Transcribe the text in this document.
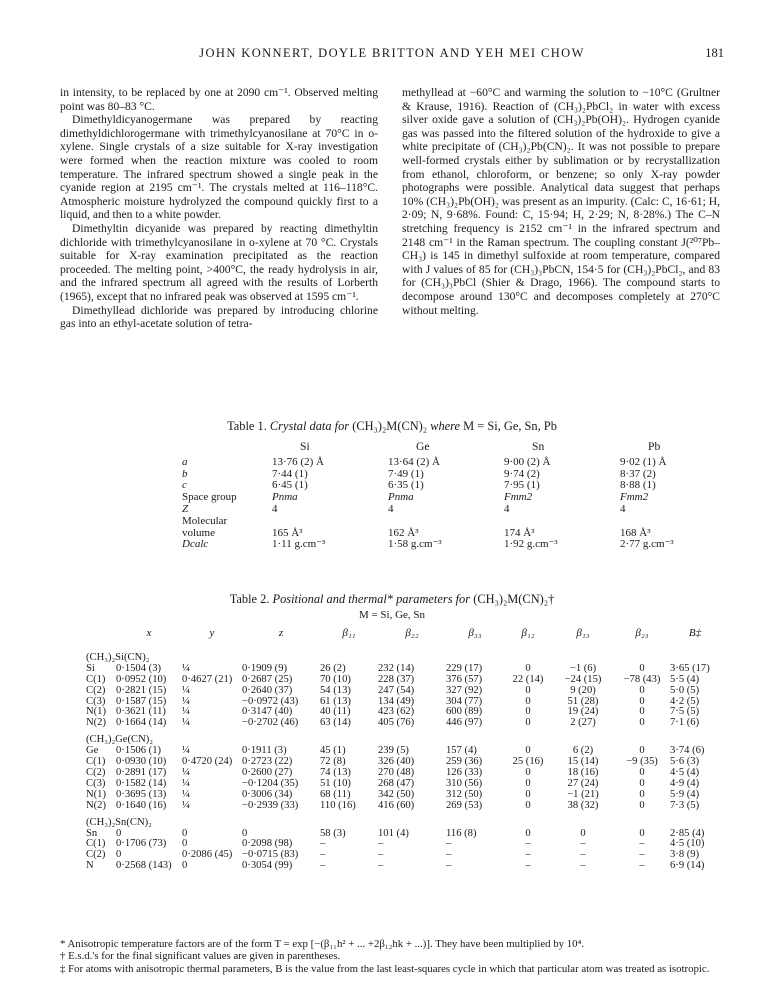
JOHN KONNERT, DOYLE BRITTON AND YEH MEI CHOW	181

in intensity, to be replaced by one at 2090 cm⁻¹. Observed melting point was 80–83 °C.

Dimethyldicyanogermane was prepared by reacting dimethyldichlorogermane with trimethylcyanosilane at 70°C in o-xylene. Single crystals of a size suitable for X-ray investigation were formed when the reaction mixture was cooled to room temperature. The infrared spectrum showed a single peak in the cyanide region at 2195 cm⁻¹. The crystals melted at 116–118°C. Atmospheric moisture hydrolyzed the compound quickly first to a liquid, and then to a white powder.

Dimethyltin dicyanide was prepared by reacting dimethyltin dichloride with trimethylcyanosilane in o-xylene at 70 °C. Crystals suitable for X-ray examination precipitated as the reaction proceeded. The melting point, >400°C, the ready hydrolysis in air, and the infrared spectrum all agreed with the results of Lorberth (1965), except that no infrared peak was observed at 1595 cm⁻¹.

Dimethyllead dichloride was prepared by introducing chlorine gas into an ethyl-acetate solution of tetra-

methyllead at −60°C and warming the solution to −10°C (Grultner & Krause, 1916). Reaction of (CH₃)₂PbCl₂ in water with excess silver oxide gave a solution of (CH₃)₂Pb(OH)₂. Hydrogen cyanide gas was passed into the filtered solution of the hydroxide to give a white precipitate of (CH₃)₂Pb(CN)₂. It was not possible to prepare well-formed crystals either by sublimation or by recrystallization from ethanol, chloroform, or benzene; so only X-ray powder photographs were possible. Analytical data suggest that perhaps 10% (CH₃)₂Pb(OH)₂ was present as an impurity. (Calc: C, 16·61; H, 2·09; N, 9·68%. Found: C, 15·94; H, 2·29; N, 8·28%.) The C–N stretching frequency is 2152 cm⁻¹ in the infrared spectrum and 2148 cm⁻¹ in the Raman spectrum. The coupling constant J(²⁰⁷Pb–CH₃) is 145 in dimethyl sulfoxide at room temperature, compared with J values of 85 for (CH₃)₃PbCN, 154·5 for (CH₃)₂PbCl₂, and 83 for (CH₃)₃PbCl (Shier & Drago, 1966). The compound starts to decompose around 130°C and decomposes completely at 270°C without melting.

Table 1. Crystal data for (CH₃)₂M(CN)₂ where M = Si, Ge, Sn, Pb
	Si	Ge	Sn	Pb
a	13·76 (2) Å	13·64 (2) Å	9·00 (2) Å	9·02 (1) Å
b	7·44 (1)	7·49 (1)	9·74 (2)	8·37 (2)
c	6·45 (1)	6·35 (1)	7·95 (1)	8·88 (1)
Space group	Pnma	Pnma	Fmm2	Fmm2
Z	4	4	4	4
Molecular				
volume	165 Å³	162 Å³	174 Å³	168 Å³
Dcalc	1·11 g.cm⁻³	1·58 g.cm⁻³	1·92 g.cm⁻³	2·77 g.cm⁻³
Table 2. Positional and thermal* parameters for (CH₃)₂M(CN)₂†
M = Si, Ge, Sn
	x	y	z	β₁₁	β₂₂	β₃₃	β₁₂	β₁₃	β₂₃	B‡
(CH₃)₂Si(CN)₂										
Si	0·1504 (3)	¼	0·1909 (9)	26 (2)	232 (14)	229 (17)	0	−1 (6)	0	3·65 (17)
C(1)	0·0952 (10)	0·4627 (21)	0·2687 (25)	70 (10)	228 (37)	376 (57)	22 (14)	−24 (15)	−78 (43)	5·5 (4)
C(2)	0·2821 (15)	¼	0·2640 (37)	54 (13)	247 (54)	327 (92)	0	9 (20)	0	5·0 (5)
C(3)	0·1587 (15)	¼	−0·0972 (43)	61 (13)	134 (49)	304 (77)	0	51 (28)	0	4·2 (5)
N(1)	0·3621 (11)	¼	0·3147 (40)	40 (11)	423 (62)	600 (89)	0	19 (24)	0	7·5 (5)
N(2)	0·1664 (14)	¼	−0·2702 (46)	63 (14)	405 (76)	446 (97)	0	2 (27)	0	7·1 (6)
(CH₃)₂Ge(CN)₂										
Ge	0·1506 (1)	¼	0·1911 (3)	45 (1)	239 (5)	157 (4)	0	6 (2)	0	3·74 (6)
C(1)	0·0930 (10)	0·4720 (24)	0·2723 (22)	72 (8)	326 (40)	259 (36)	25 (16)	15 (14)	−9 (35)	5·6 (3)
C(2)	0·2891 (17)	¼	0·2600 (27)	74 (13)	270 (48)	126 (33)	0	18 (16)	0	4·5 (4)
C(3)	0·1582 (14)	¼	−0·1204 (35)	51 (10)	268 (47)	310 (56)	0	27 (24)	0	4·9 (4)
N(1)	0·3695 (13)	¼	0·3006 (34)	68 (11)	342 (50)	312 (50)	0	−1 (21)	0	5·9 (4)
N(2)	0·1640 (16)	¼	−0·2939 (33)	110 (16)	416 (60)	269 (53)	0	38 (32)	0	7·3 (5)
(CH₃)₂Sn(CN)₂										
Sn	0	0	0	58 (3)	101 (4)	116 (8)	0	0	0	2·85 (4)
C(1)	0·1706 (73)	0	0·2098 (98)	–	–	–	–	–	–	4·5 (10)
C(2)	0	0·2086 (45)	−0·0715 (83)	–	–	–	–	–	–	3·8 (9)
N	0·2568 (143)	0	0·3054 (99)	–	–	–	–	–	–	6·9 (14)
* Anisotropic temperature factors are of the form T = exp [−(β₁₁h² + ... +2β₁₂hk + ...)]. They have been multiplied by 10⁴.
† E.s.d.'s for the final significant values are given in parentheses.
‡ For atoms with anisotropic thermal parameters, B is the value from the last least-squares cycle in which that particular atom was treated as isotropic.
